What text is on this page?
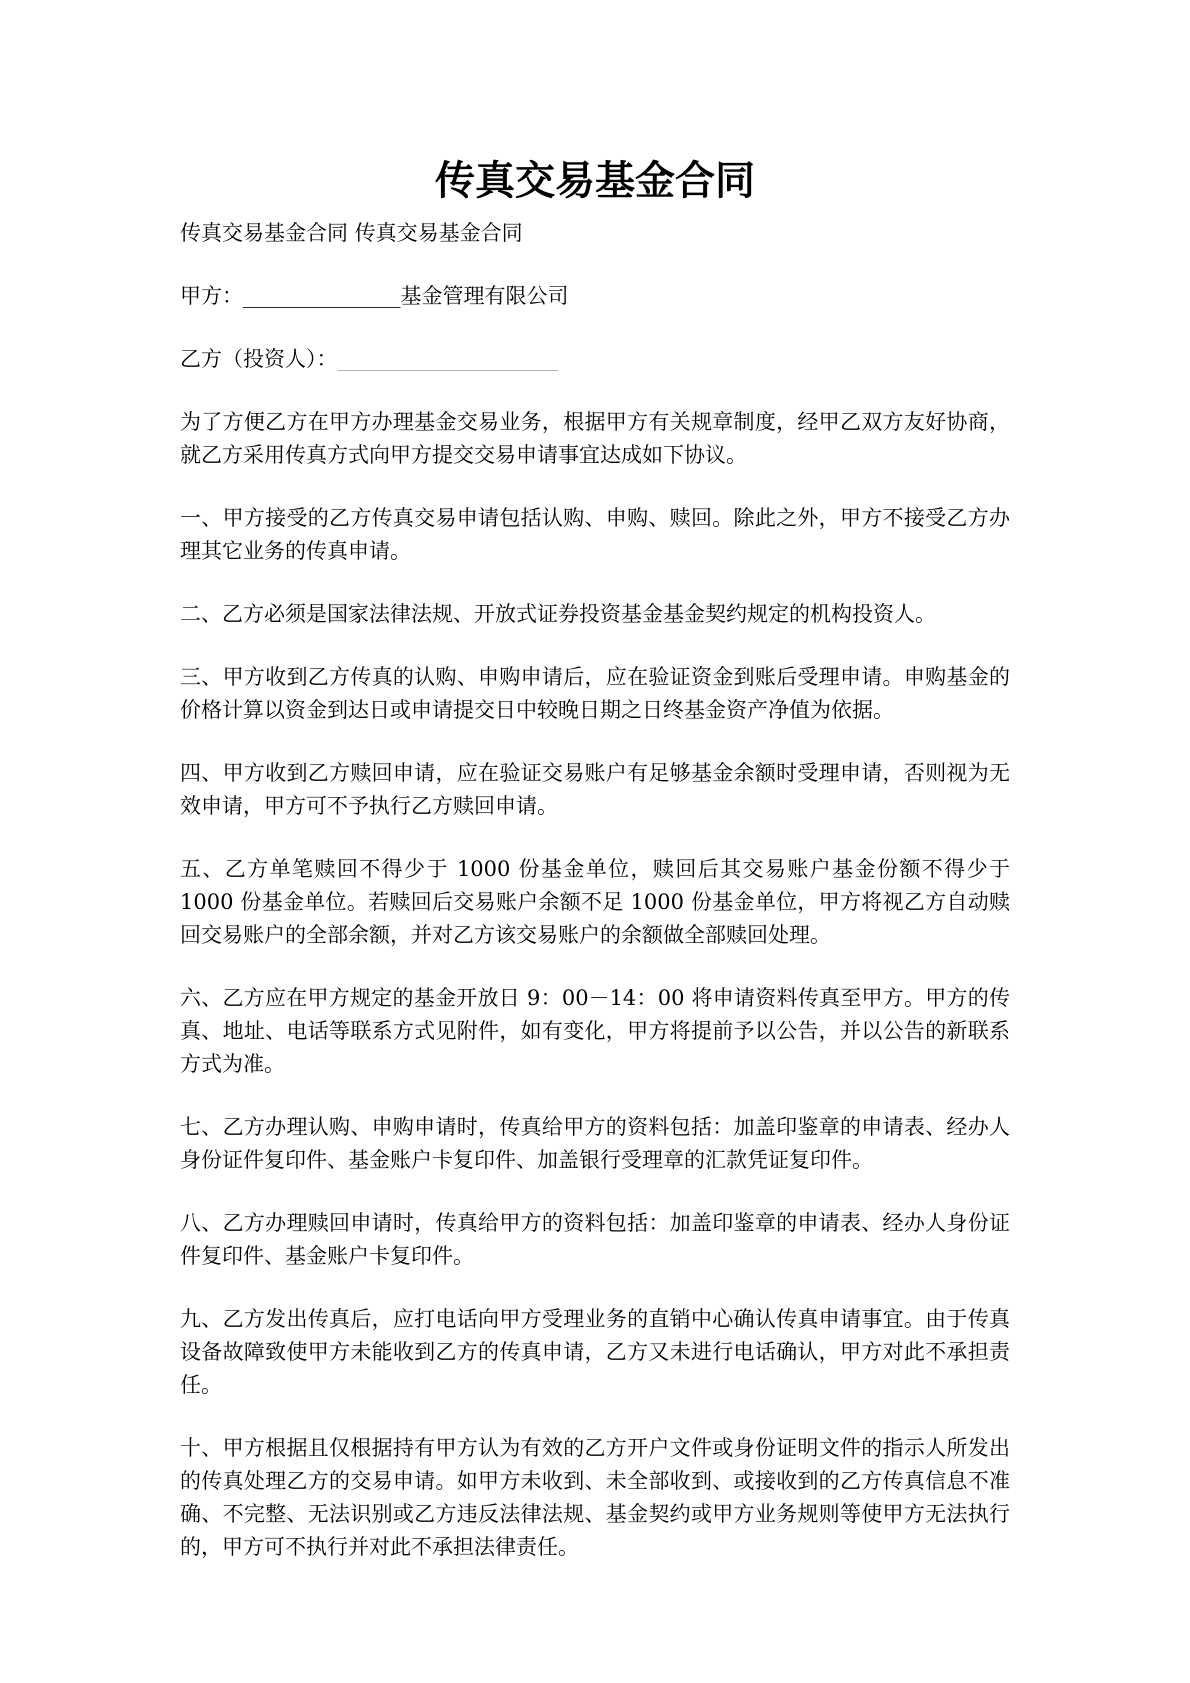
传真交易基金合同

传真交易基金合同 传真交易基金合同

甲方：_______________基金管理有限公司

乙方（投资人）：_____________________

为了方便乙方在甲方办理基金交易业务，根据甲方有关规章制度，经甲乙双方友好协商，就乙方采用传真方式向甲方提交交易申请事宜达成如下协议。

一、甲方接受的乙方传真交易申请包括认购、申购、赎回。除此之外，甲方不接受乙方办理其它业务的传真申请。

二、乙方必须是国家法律法规、开放式证券投资基金基金契约规定的机构投资人。

三、甲方收到乙方传真的认购、申购申请后，应在验证资金到账后受理申请。申购基金的价格计算以资金到达日或申请提交日中较晚日期之日终基金资产净值为依据。

四、甲方收到乙方赎回申请，应在验证交易账户有足够基金余额时受理申请，否则视为无效申请，甲方可不予执行乙方赎回申请。

五、乙方单笔赎回不得少于 1000 份基金单位，赎回后其交易账户基金份额不得少于 1000 份基金单位。若赎回后交易账户余额不足 1000 份基金单位，甲方将视乙方自动赎回交易账户的全部余额，并对乙方该交易账户的余额做全部赎回处理。

六、乙方应在甲方规定的基金开放日 9：00－14：00 将申请资料传真至甲方。甲方的传真、地址、电话等联系方式见附件，如有变化，甲方将提前予以公告，并以公告的新联系方式为准。

七、乙方办理认购、申购申请时，传真给甲方的资料包括：加盖印鉴章的申请表、经办人身份证件复印件、基金账户卡复印件、加盖银行受理章的汇款凭证复印件。

八、乙方办理赎回申请时，传真给甲方的资料包括：加盖印鉴章的申请表、经办人身份证件复印件、基金账户卡复印件。

九、乙方发出传真后，应打电话向甲方受理业务的直销中心确认传真申请事宜。由于传真设备故障致使甲方未能收到乙方的传真申请，乙方又未进行电话确认，甲方对此不承担责任。

十、甲方根据且仅根据持有甲方认为有效的乙方开户文件或身份证明文件的指示人所发出的传真处理乙方的交易申请。如甲方未收到、未全部收到、或接收到的乙方传真信息不准确、不完整、无法识别或乙方违反法律法规、基金契约或甲方业务规则等使甲方无法执行的，甲方可不执行并对此不承担法律责任。
